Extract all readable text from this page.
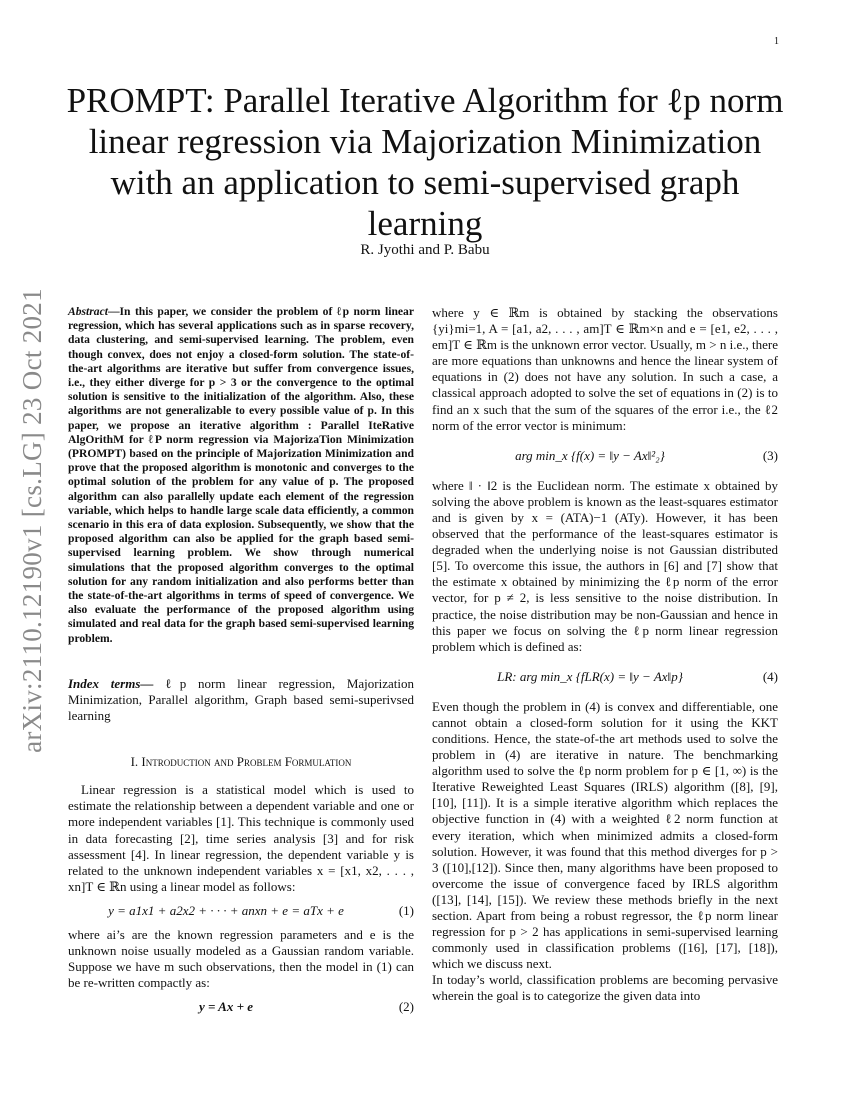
1
arXiv:2110.12190v1 [cs.LG] 23 Oct 2021
PROMPT: Parallel Iterative Algorithm for ℓp norm linear regression via Majorization Minimization with an application to semi-supervised graph learning
R. Jyothi and P. Babu

Abstract—In this paper, we consider the problem of ℓp norm linear regression, which has several applications such as in sparse recovery, data clustering, and semi-supervised learning. The problem, even though convex, does not enjoy a closed-form solution. The state-of-the-art algorithms are iterative but suffer from convergence issues, i.e., they either diverge for p > 3 or the convergence to the optimal solution is sensitive to the initialization of the algorithm. Also, these algorithms are not generalizable to every possible value of p. In this paper, we propose an iterative algorithm : Parallel IteRative AlgOrithM for ℓP norm regression via MajorizaTion Minimization (PROMPT) based on the principle of Majorization Minimization and prove that the proposed algorithm is monotonic and converges to the optimal solution of the problem for any value of p. The proposed algorithm can also parallelly update each element of the regression variable, which helps to handle large scale data efficiently, a common scenario in this era of data explosion. Subsequently, we show that the proposed algorithm can also be applied for the graph based semi-supervised learning problem. We show through numerical simulations that the proposed algorithm converges to the optimal solution for any random initialization and also performs better than the state-of-the-art algorithms in terms of speed of convergence. We also evaluate the performance of the proposed algorithm using simulated and real data for the graph based semi-supervised learning problem.

Index terms— ℓp norm linear regression, Majorization Minimization, Parallel algorithm, Graph based semi-superivsed learning

I. Introduction and Problem Formulation

Linear regression is a statistical model which is used to estimate the relationship between a dependent variable and one or more independent variables [1]. This technique is commonly used in data forecasting [2], time series analysis [3] and for risk assessment [4]. In linear regression, the dependent variable y is related to the unknown independent variables x = [x1, x2, . . . , xn]T ∈ ℝn using a linear model as follows:

y = a1x1 + a2x2 + · · · + anxn + e = aTx + e	(1)

where ai’s are the known regression parameters and e is the unknown noise usually modeled as a Gaussian random variable. Suppose we have m such observations, then the model in (1) can be re-written compactly as:

y = Ax + e	(2)

where y ∈ ℝm is obtained by stacking the observations {yi}mi=1, A = [a1, a2, . . . , am]T ∈ ℝm×n and e = [e1, e2, . . . , em]T ∈ ℝm is the unknown error vector. Usually, m > n i.e., there are more equations than unknowns and hence the linear system of equations in (2) does not have any solution. In such a case, a classical approach adopted to solve the set of equations in (2) is to find an x such that the sum of the squares of the error i.e., the ℓ2 norm of the error vector is minimum:

arg min_x {f(x) = ‖y − Ax‖²₂}	(3)

where ‖ · ‖2 is the Euclidean norm. The estimate x obtained by solving the above problem is known as the least-squares estimator and is given by x = (ATA)−1 (ATy). However, it has been observed that the performance of the least-squares estimator is degraded when the underlying noise is not Gaussian distributed [5]. To overcome this issue, the authors in [6] and [7] show that the estimate x obtained by minimizing the ℓp norm of the error vector, for p ≠ 2, is less sensitive to the noise distribution. In practice, the noise distribution may be non-Gaussian and hence in this paper we focus on solving the ℓp norm linear regression problem which is defined as:

LR: arg min_x {fLR(x) = ‖y − Ax‖p}	(4)

Even though the problem in (4) is convex and differentiable, one cannot obtain a closed-form solution for it using the KKT conditions. Hence, the state-of-the art methods used to solve the problem in (4) are iterative in nature. The benchmarking algorithm used to solve the ℓp norm problem for p ∈ [1, ∞) is the Iterative Reweighted Least Squares (IRLS) algorithm ([8], [9], [10], [11]). It is a simple iterative algorithm which replaces the objective function in (4) with a weighted ℓ2 norm function at every iteration, which when minimized admits a closed-form solution. However, it was found that this method diverges for p > 3 ([10],[12]). Since then, many algorithms have been proposed to overcome the issue of convergence faced by IRLS algorithm ([13], [14], [15]). We review these methods briefly in the next section. Apart from being a robust regressor, the ℓp norm linear regression for p > 2 has applications in semi-supervised learning commonly used in classification problems ([16], [17], [18]), which we discuss next.

In today’s world, classification problems are becoming pervasive wherein the goal is to categorize the given data into
